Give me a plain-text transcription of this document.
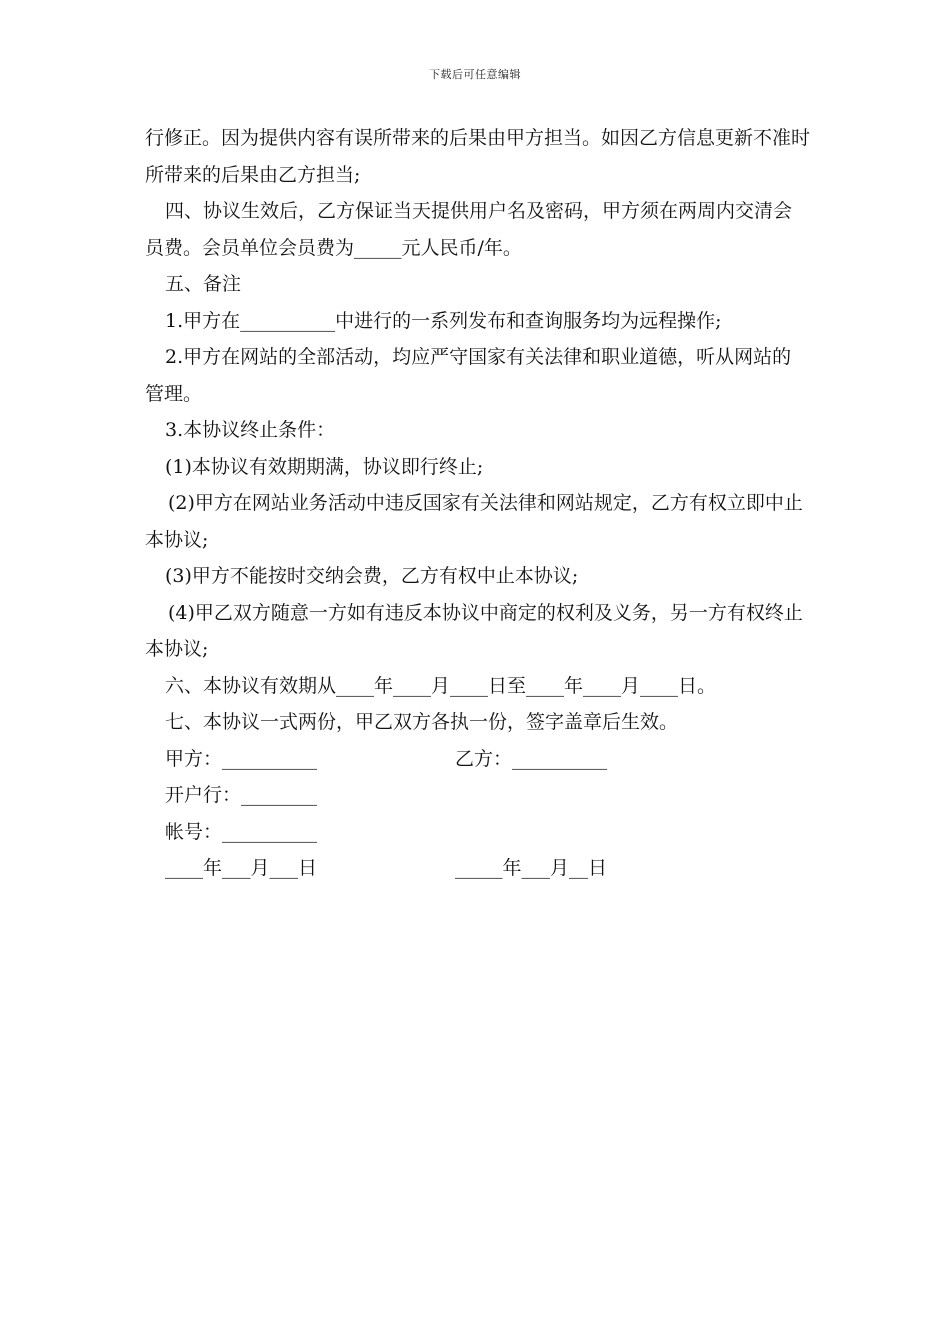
下载后可任意编辑

行修正。因为提供内容有误所带来的后果由甲方担当。如因乙方信息更新不准时所带来的后果由乙方担当;

四、协议生效后，乙方保证当天提供用户名及密码，甲方须在两周内交清会员费。会员单位会员费为_____元人民币/年。

五、备注

1.甲方在__________中进行的一系列发布和查询服务均为远程操作;

2.甲方在网站的全部活动，均应严守国家有关法律和职业道德，听从网站的管理。

3.本协议终止条件：

(1)本协议有效期期满，协议即行终止;

(2)甲方在网站业务活动中违反国家有关法律和网站规定，乙方有权立即中止本协议;

(3)甲方不能按时交纳会费，乙方有权中止本协议;

(4)甲乙双方随意一方如有违反本协议中商定的权利及义务，另一方有权终止本协议;

六、本协议有效期从____年____月____日至____年____月____日。

七、本协议一式两份，甲乙双方各执一份，签字盖章后生效。

甲方：__________	乙方：__________
开户行：________
帐号：__________
____年___月___日	_____年___月__日
